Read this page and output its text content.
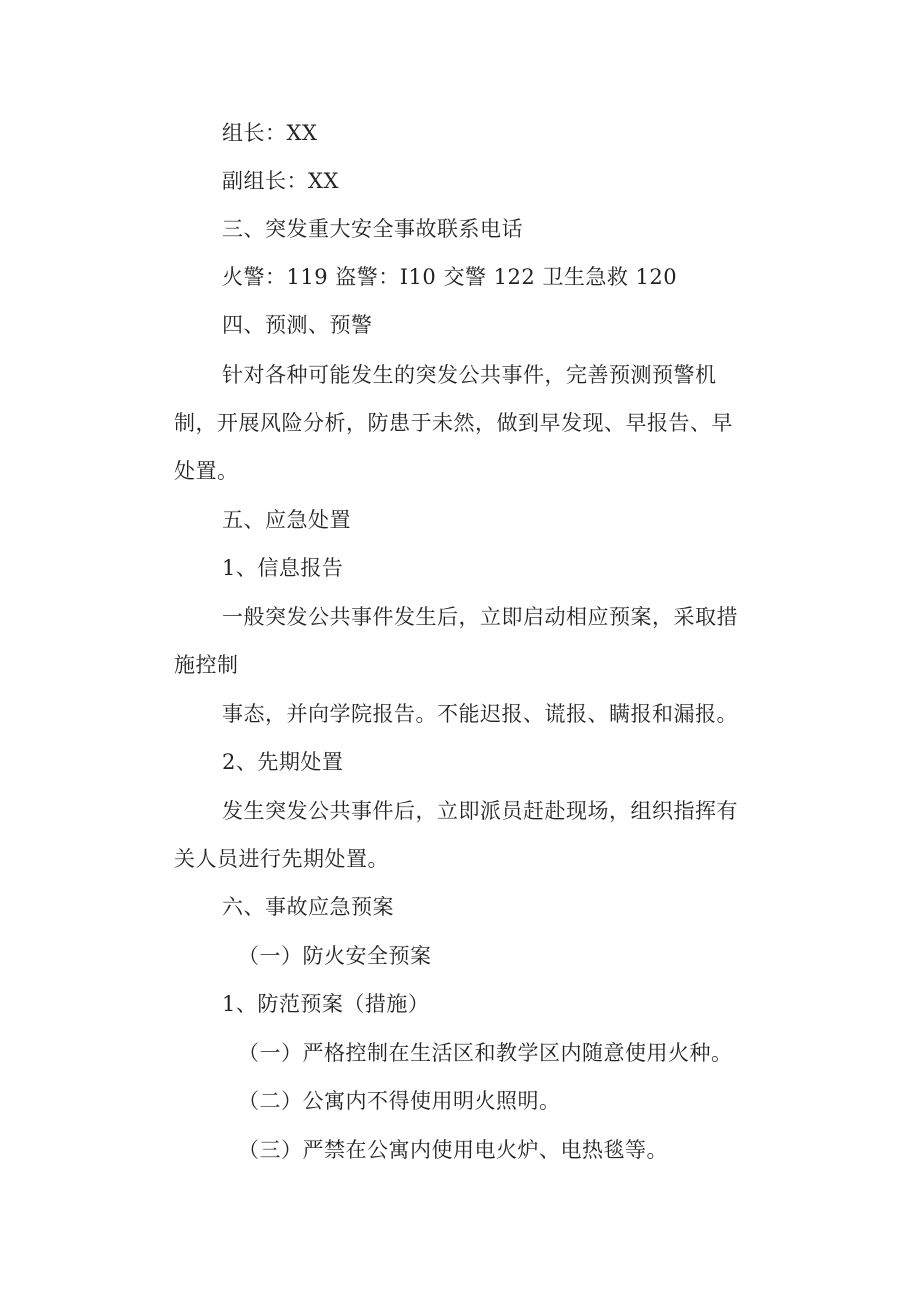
组长：XX
副组长：XX
三、突发重大安全事故联系电话
火警：119 盗警：I10 交警 122 卫生急救 120
四、预测、预警
针对各种可能发生的突发公共事件，完善预测预警机
制，开展风险分析，防患于未然，做到早发现、早报告、早
处置。
五、应急处置
1、信息报告
一般突发公共事件发生后，立即启动相应预案，采取措
施控制
事态，并向学院报告。不能迟报、谎报、瞒报和漏报。
2、先期处置
发生突发公共事件后，立即派员赶赴现场，组织指挥有
关人员进行先期处置。
六、事故应急预案
（一）防火安全预案
1、防范预案（措施）
（一）严格控制在生活区和教学区内随意使用火种。
（二）公寓内不得使用明火照明。
（三）严禁在公寓内使用电火炉、电热毯等。
